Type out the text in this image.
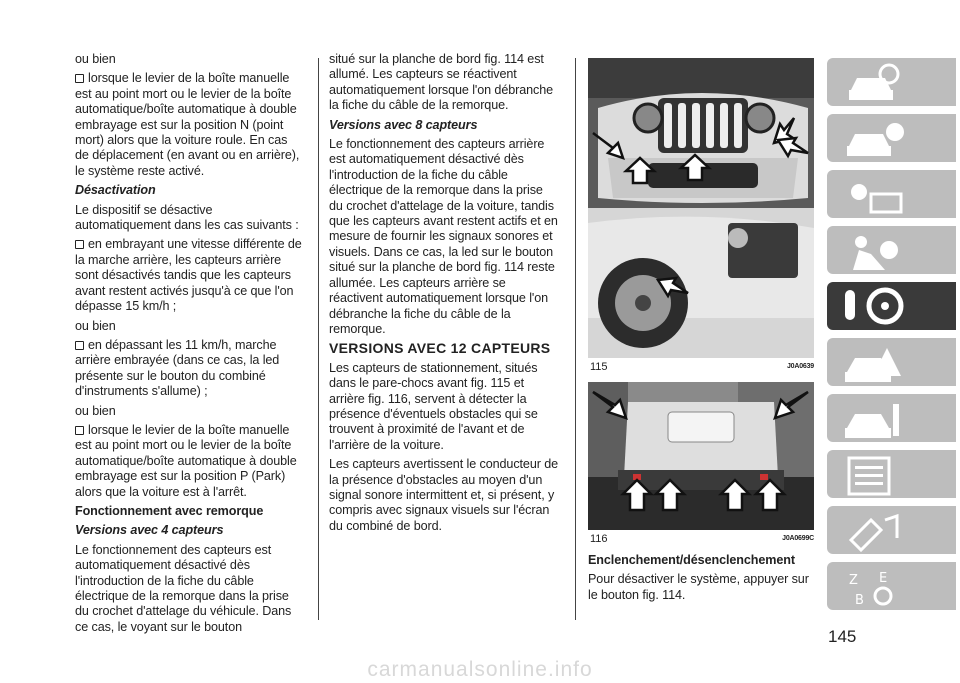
ou bien

lorsque le levier de la boîte manuelle est au point mort ou le levier de la boîte automatique/boîte automatique à double embrayage est sur la position N (point mort) alors que la voiture roule. En cas de déplacement (en avant ou en arrière), le système reste activé.

Désactivation

Le dispositif se désactive automatiquement dans les cas suivants :

en embrayant une vitesse différente de la marche arrière, les capteurs arrière sont désactivés tandis que les capteurs avant restent activés jusqu'à ce que l'on dépasse 15 km/h ;

ou bien

en dépassant les 11 km/h, marche arrière embrayée (dans ce cas, la led présente sur le bouton du combiné d'instruments s'allume) ;

ou bien

lorsque le levier de la boîte manuelle est au point mort ou le levier de la boîte automatique/boîte automatique à double embrayage est sur la position P (Park) alors que la voiture est à l'arrêt.

Fonctionnement avec remorque

Versions avec 4 capteurs

Le fonctionnement des capteurs est automatiquement désactivé dès l'introduction de la fiche du câble électrique de la remorque dans la prise du crochet d'attelage du véhicule. Dans ce cas, le voyant sur le bouton

situé sur la planche de bord fig. 114 est allumé. Les capteurs se réactivent automatiquement lorsque l'on débranche la fiche du câble de la remorque.

Versions avec 8 capteurs

Le fonctionnement des capteurs arrière est automatiquement désactivé dès l'introduction de la fiche du câble électrique de la remorque dans la prise du crochet d'attelage de la voiture, tandis que les capteurs avant restent actifs et en mesure de fournir les signaux sonores et visuels. Dans ce cas, la led sur le bouton situé sur la planche de bord fig. 114 reste allumée. Les capteurs arrière se réactivent automatiquement lorsque l'on débranche la fiche du câble de la remorque.

VERSIONS AVEC 12 CAPTEURS

Les capteurs de stationnement, situés dans le pare-chocs avant fig. 115 et arrière fig. 116, servent à détecter la présence d'éventuels obstacles qui se trouvent à proximité de l'avant et de l'arrière de la voiture.

Les capteurs avertissent le conducteur de la présence d'obstacles au moyen d'un signal sonore intermittent et, si présent, y compris avec signaux visuels sur l'écran du combiné de bord.

115	J0A0639
116	J0A0699C

Enclenchement/désenclenchement

Pour désactiver le système, appuyer sur le bouton fig. 114.

Z E
B
145
carmanualsonline.info
